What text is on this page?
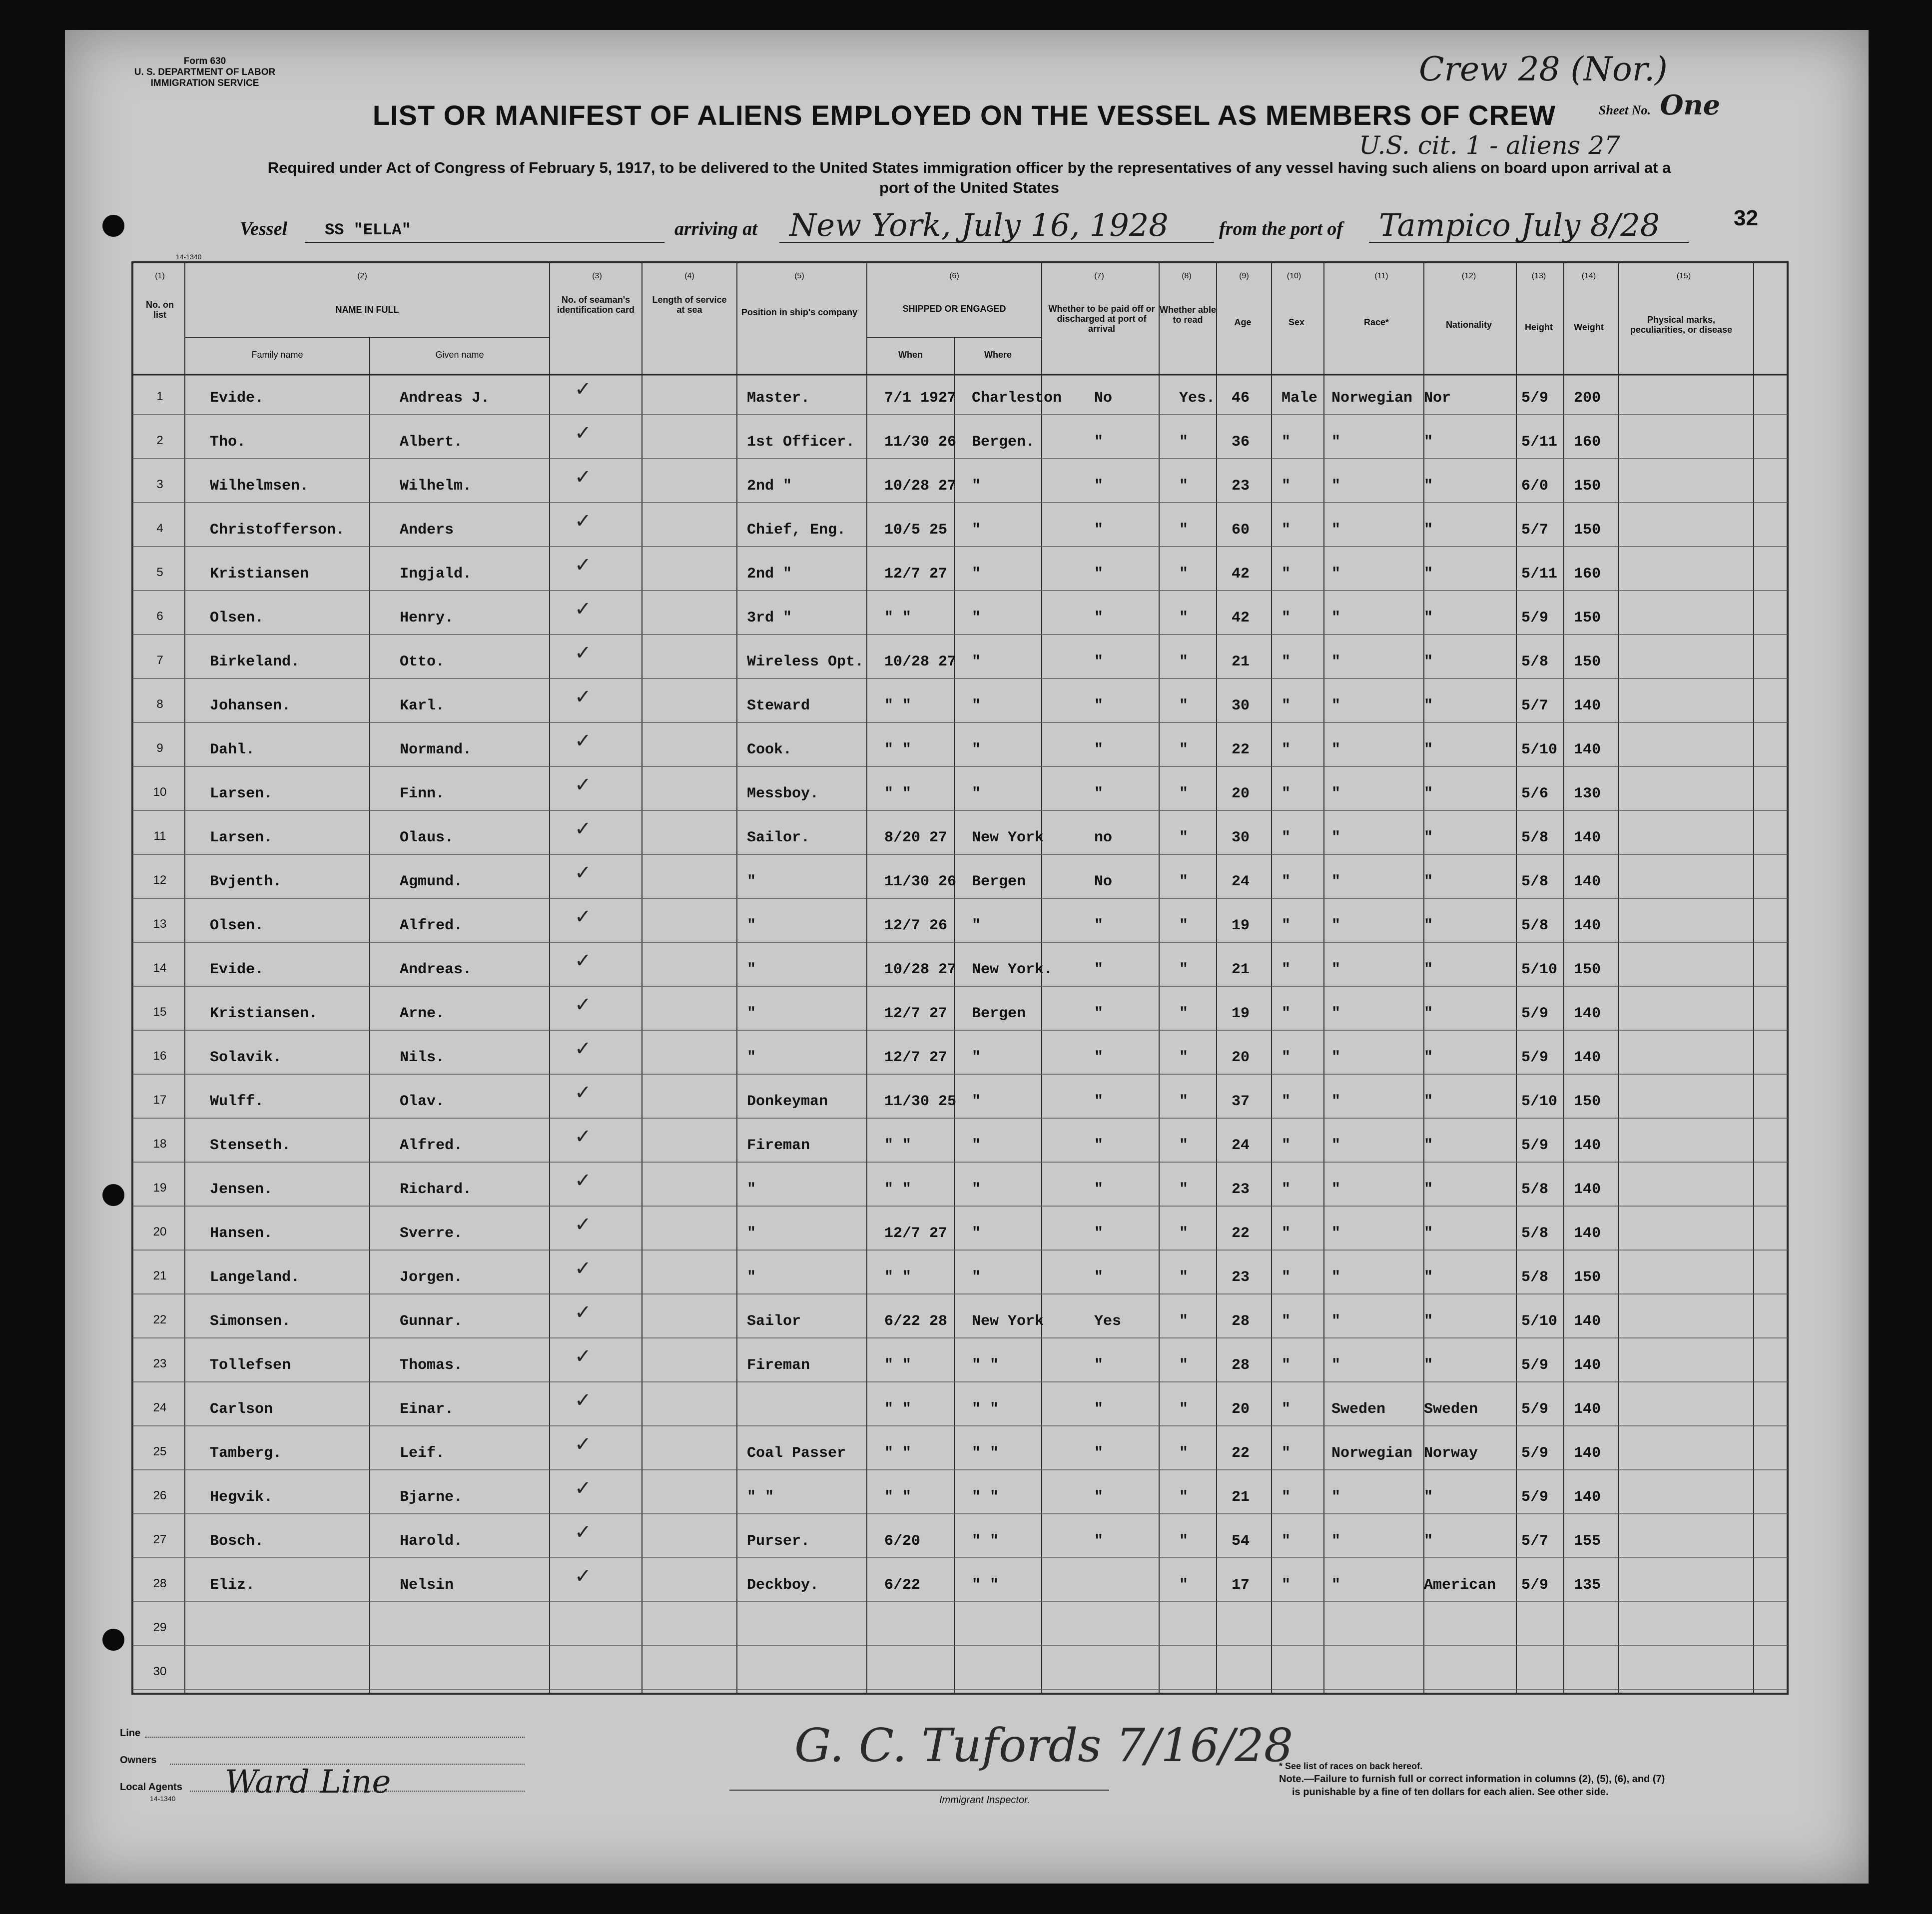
Form 630
U. S. DEPARTMENT OF LABOR
IMMIGRATION SERVICE	Crew 28 (Nor.)
Sheet No. One
LIST OR MANIFEST OF ALIENS EMPLOYED ON THE VESSEL AS MEMBERS OF CREW
U.S. cit. 1 - aliens 27
Required under Act of Congress of February 5, 1917, to be delivered to the United States immigration officer by the representatives of any vessel having such aliens on board upon arrival at a
port of the United States
Vessel SS "ELLA"	arriving at New York, July 16, 1928	from the port of Tampico July 8/28	32
14-1340
(1)	(2)	(3)	(4)	(5)	(6)	(7)	(8)	(9)	(10)	(11)	(12)	(13)	(14)	(15)
No. on list	NAME IN FULL
Family name	Given name
No. of seaman's identification card
Length of service at sea	Position in ship's company	SHIPPED OR ENGAGED
When	Where
Whether to be paid off or discharged at port of arrival
Whether able to read	Age	Sex	Race*	Nationality	Height	Weight
Physical marks, peculiarities, or disease
1	Evide.	Andreas J.	✓	Master.	7/1 1927 Charleston No	Yes. 46 Male Norwegian Nor	5/9 200
2	Tho.	Albert.	✓	1st Officer. 11/30 26 Bergen.	"	"	36 "	"	"	5/11 160
3	Wilhelmsen.	Wilhelm.	✓	2nd "	10/28 27 "	"	"	23 "	"	"	6/0 150
4	Christofferson.	Anders	✓	Chief, Eng.	10/5 25 "	"	"	60 "	"	"	5/7 150
5	Kristiansen	Ingjald.	✓	2nd "	12/7 27 "	"	"	42 "	"	"	5/11 160
6	Olsen.	Henry.	✓	3rd "	" "	"	"	"	42 "	"	"	5/9 150
7	Birkeland.	Otto.	✓	Wireless Opt. 10/28 27 "	"	"	21 "	"	"	5/8 150
8	Johansen.	Karl.	✓	Steward	" "	"	"	"	30 "	"	"	5/7 140
9	Dahl.	Normand.	✓	Cook.	" "	"	"	"	22 "	"	"	5/10 140
10	Larsen.	Finn.	✓	Messboy.	" "	"	"	"	20 "	"	"	5/6 130
11	Larsen.	Olaus.	✓	Sailor.	8/20 27 New York	no	"	30 "	"	"	5/8 140
12	Bvjenth.	Agmund.	✓	"	11/30 26 Bergen	No	"	24 "	"	"	5/8 140
13	Olsen.	Alfred.	✓	"	12/7 26 "	"	"	19 "	"	"	5/8 140
14	Evide.	Andreas.	✓	"	10/28 27 New York.	"	"	21 "	"	"	5/10 150
15	Kristiansen.	Arne.	✓	"	12/7 27 Bergen	"	"	19 "	"	"	5/9 140
16	Solavik.	Nils.	✓	"	12/7 27 "	"	"	20 "	"	"	5/9 140
17	Wulff.	Olav.	✓	Donkeyman	11/30 25 "	"	"	37 "	"	"	5/10 150
18	Stenseth.	Alfred.	✓	Fireman	" "	"	"	"	24 "	"	"	5/9 140
19	Jensen.	Richard.	✓	"	" "	"	"	"	23 "	"	"	5/8 140
20	Hansen.	Sverre.	✓	"	12/7 27 "	"	"	22 "	"	"	5/8 140
21	Langeland.	Jorgen.	✓	"	" "	"	"	"	23 "	"	"	5/8 150
22	Simonsen.	Gunnar.	✓	Sailor	6/22 28 New York	Yes	"	28 "	"	"	5/10 140
23	Tollefsen	Thomas.	✓	Fireman	" "	" "	"	"	28 "	"	"	5/9 140
24	Carlson	Einar.	✓	" "	" "	"	"	20 "	Sweden	Sweden	5/9 140
25	Tamberg.	Leif.	✓	Coal Passer	" "	" "	"	"	22 "	Norwegian Norway	5/9 140
26	Hegvik.	Bjarne.	✓	" "	" "	" "	"	"	21 "	"	"	5/9 140
27	Bosch.	Harold.	✓	Purser.	6/20	" "	"	"	54 "	"	"	5/7 155
28	Eliz.	Nelsin	✓	Deckboy.	6/22	" "	"	17 "	"	American 5/9 135
29
30
Line
Owners
Local Agents Ward Line
14-1340
G. C. Tufords 7/16/28
Immigrant Inspector.
* See list of races on back hereof.
Note.—Failure to furnish full or correct information in columns (2), (5), (6), and (7)
is punishable by a fine of ten dollars for each alien. See other side.
